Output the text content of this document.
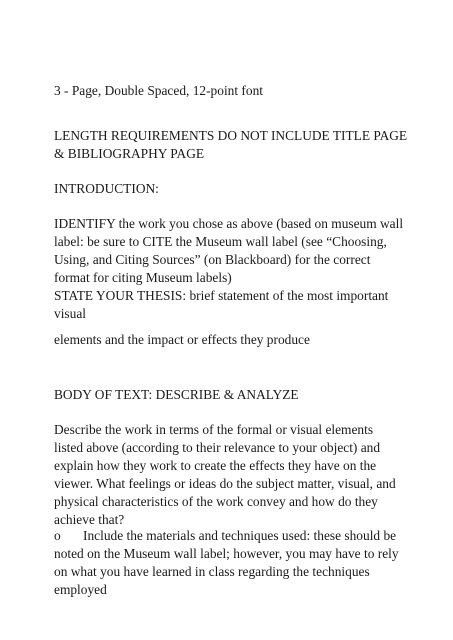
3 - Page, Double Spaced, 12-point font

LENGTH REQUIREMENTS DO NOT INCLUDE TITLE PAGE

& BIBLIOGRAPHY PAGE

INTRODUCTION:

IDENTIFY the work you chose as above (based on museum wall

label: be sure to CITE the Museum wall label (see “Choosing,

Using, and Citing Sources” (on Blackboard) for the correct

format for citing Museum labels)

STATE YOUR THESIS: brief statement of the most important

visual

elements and the impact or effects they produce

BODY OF TEXT: DESCRIBE & ANALYZE

Describe the work in terms of the formal or visual elements

listed above (according to their relevance to your object) and

explain how they work to create the effects they have on the

viewer. What feelings or ideas do the subject matter, visual, and

physical characteristics of the work convey and how do they

achieve that?

o Include the materials and techniques used: these should be

noted on the Museum wall label; however, you may have to rely

on what you have learned in class regarding the techniques

employed
